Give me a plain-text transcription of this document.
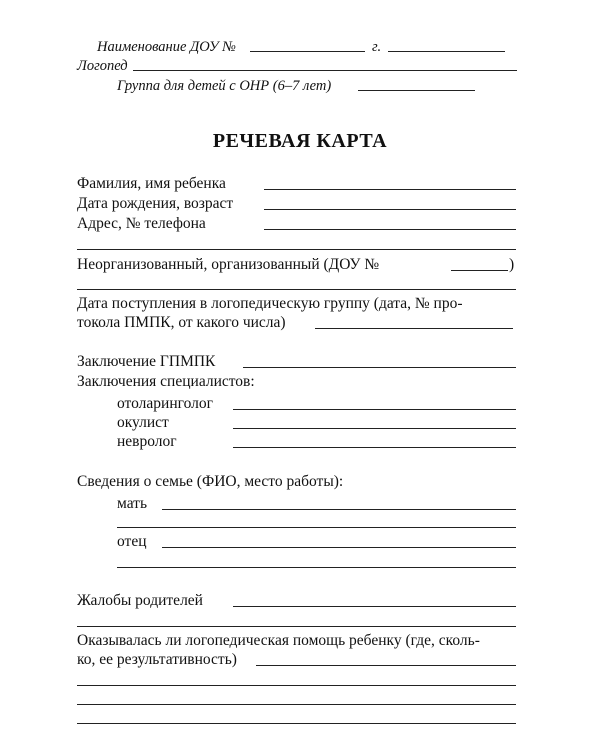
Наименование ДОУ №	г.
Логопед
Группа для детей с ОНР (6–7 лет)
РЕЧЕВАЯ КАРТА
Фамилия, имя ребенка
Дата рождения, возраст
Адрес, № телефона
Неорганизованный, организованный (ДОУ №	)
Дата поступления в логопедическую группу (дата, № про-
токола ПМПК, от какого числа)
Заключение ГПМПК
Заключения специалистов:
отоларинголог
окулист
невролог
Сведения о семье (ФИО, место работы):
мать
отец
Жалобы родителей
Оказывалась ли логопедическая помощь ребенку (где, сколь-
ко, ее результативность)
